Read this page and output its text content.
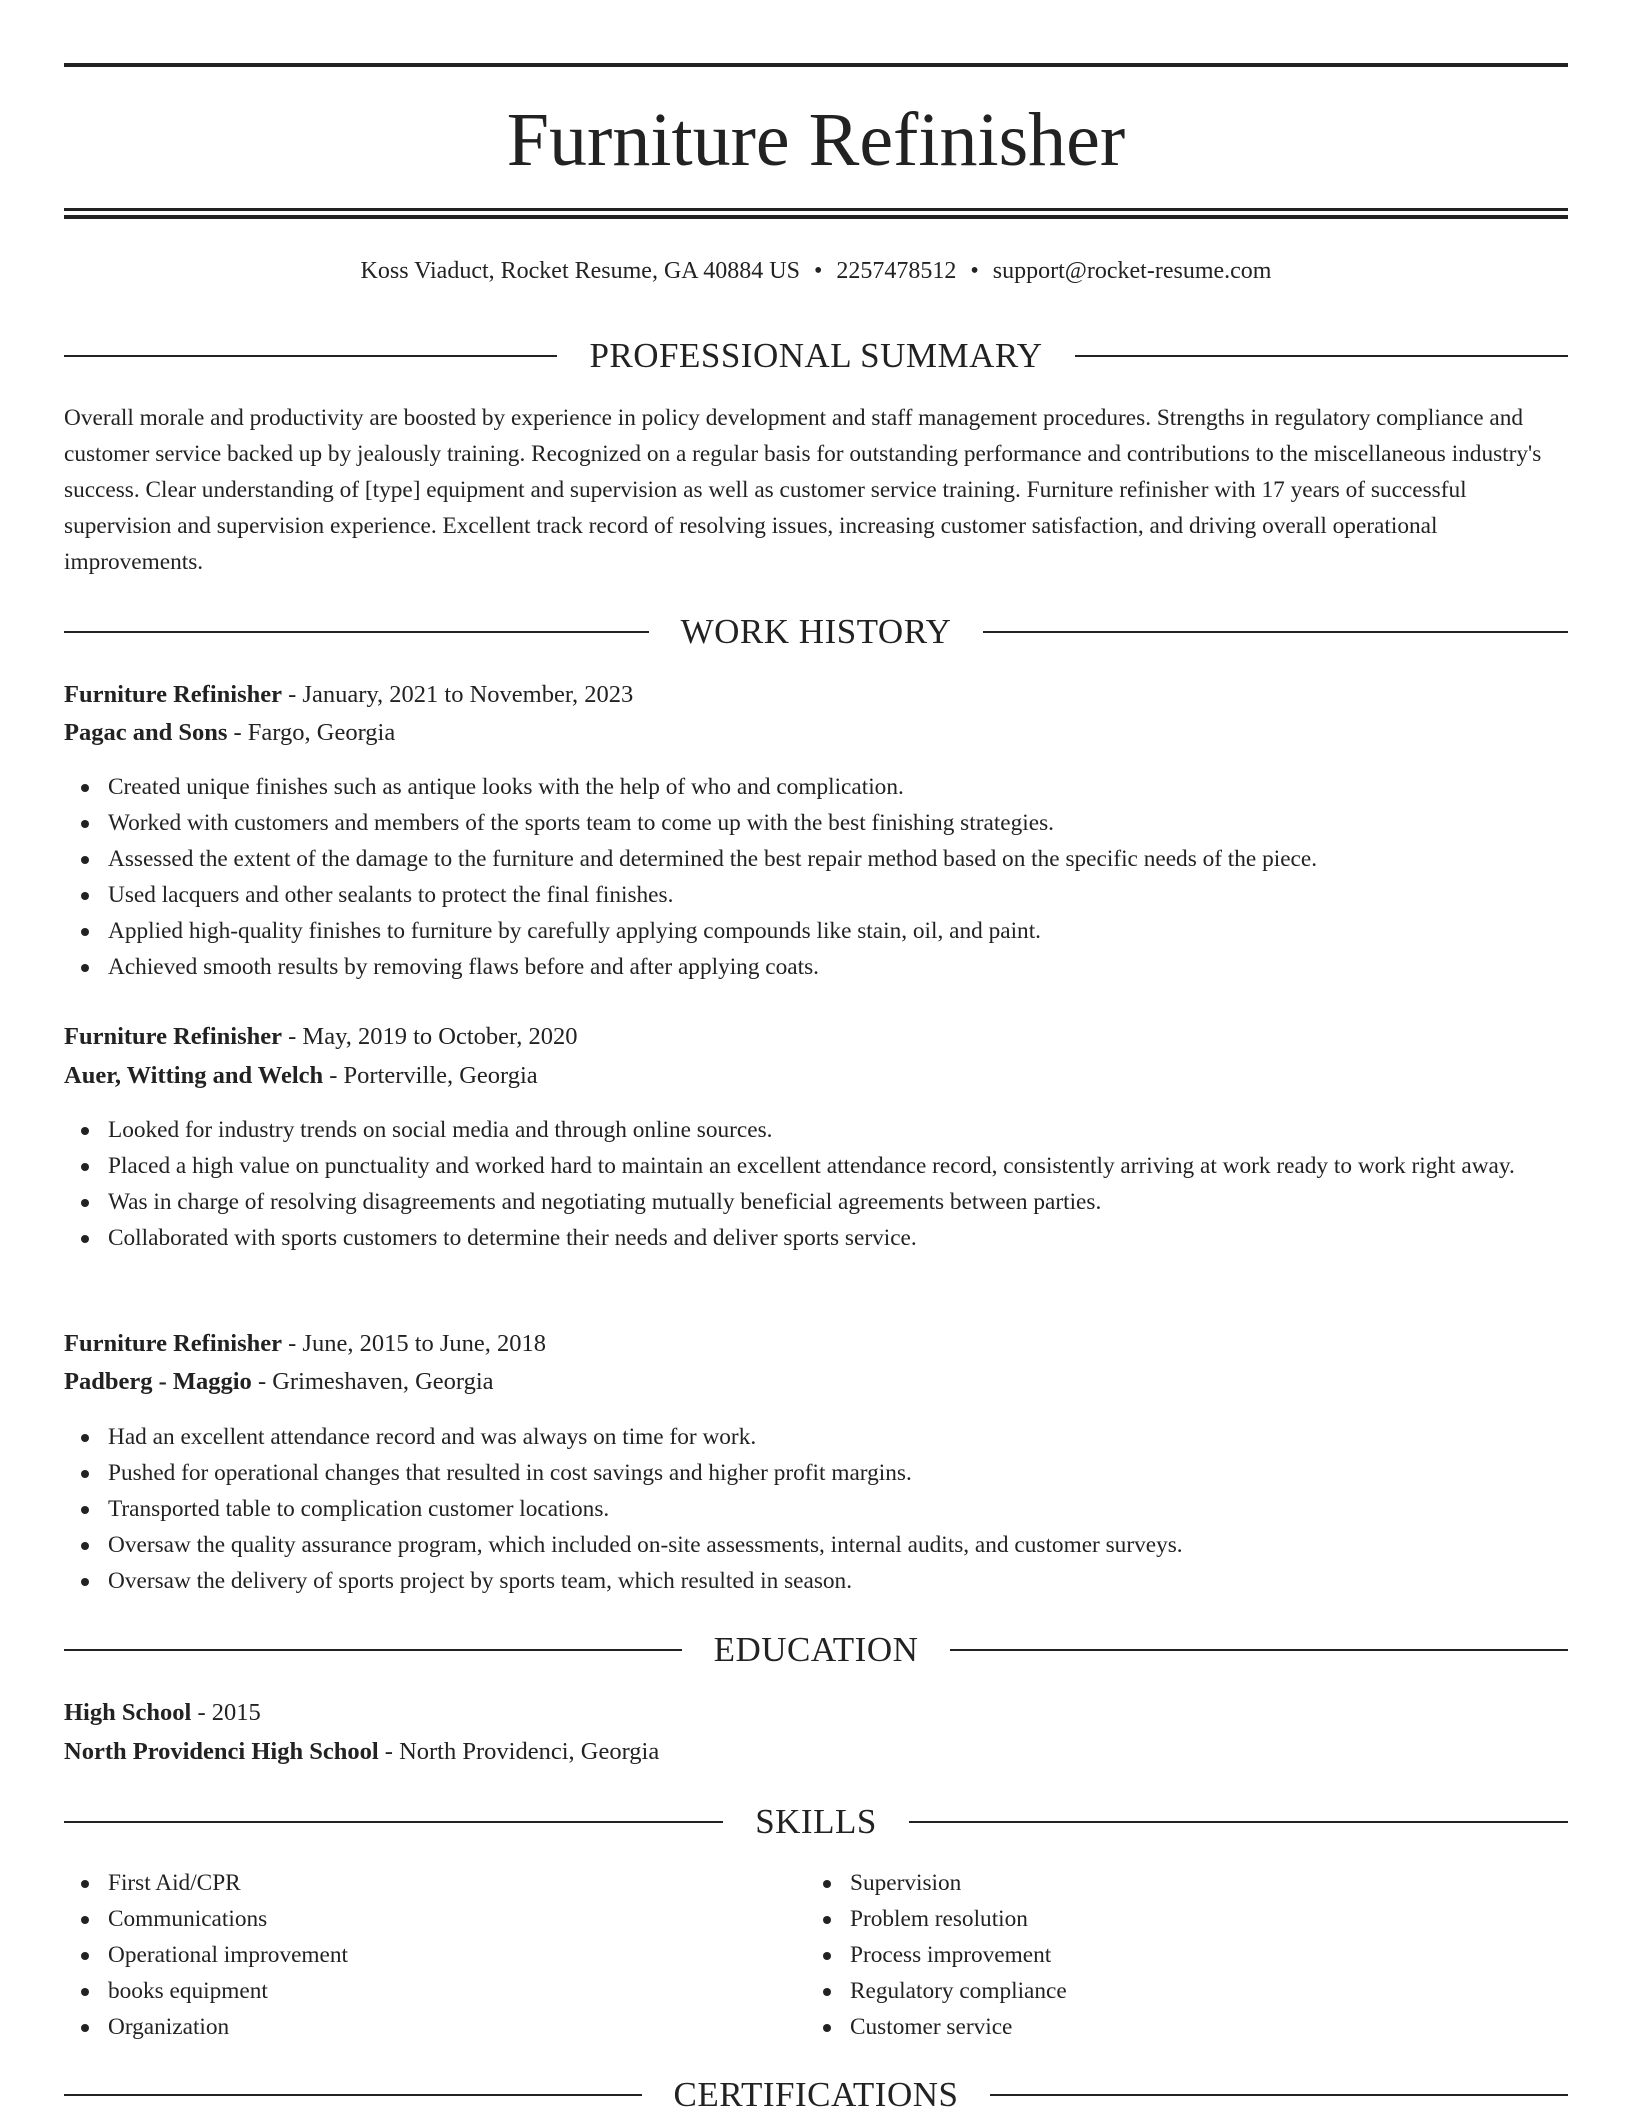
Furniture Refinisher
Koss Viaduct, Rocket Resume, GA 40884 US • 2257478512 • support@rocket-resume.com
PROFESSIONAL SUMMARY
Overall morale and productivity are boosted by experience in policy development and staff management procedures. Strengths in regulatory compliance and customer service backed up by jealously training. Recognized on a regular basis for outstanding performance and contributions to the miscellaneous industry's success. Clear understanding of [type] equipment and supervision as well as customer service training. Furniture refinisher with 17 years of successful supervision and supervision experience. Excellent track record of resolving issues, increasing customer satisfaction, and driving overall operational improvements.
WORK HISTORY
Furniture Refinisher - January, 2021 to November, 2023
Pagac and Sons - Fargo, Georgia
Created unique finishes such as antique looks with the help of who and complication.
Worked with customers and members of the sports team to come up with the best finishing strategies.
Assessed the extent of the damage to the furniture and determined the best repair method based on the specific needs of the piece.
Used lacquers and other sealants to protect the final finishes.
Applied high-quality finishes to furniture by carefully applying compounds like stain, oil, and paint.
Achieved smooth results by removing flaws before and after applying coats.
Furniture Refinisher - May, 2019 to October, 2020
Auer, Witting and Welch - Porterville, Georgia
Looked for industry trends on social media and through online sources.
Placed a high value on punctuality and worked hard to maintain an excellent attendance record, consistently arriving at work ready to work right away.
Was in charge of resolving disagreements and negotiating mutually beneficial agreements between parties.
Collaborated with sports customers to determine their needs and deliver sports service.
Furniture Refinisher - June, 2015 to June, 2018
Padberg - Maggio - Grimeshaven, Georgia
Had an excellent attendance record and was always on time for work.
Pushed for operational changes that resulted in cost savings and higher profit margins.
Transported table to complication customer locations.
Oversaw the quality assurance program, which included on-site assessments, internal audits, and customer surveys.
Oversaw the delivery of sports project by sports team, which resulted in season.
EDUCATION
High School - 2015
North Providenci High School - North Providenci, Georgia
SKILLS
First Aid/CPR
Communications
Operational improvement
books equipment
Organization
Supervision
Problem resolution
Process improvement
Regulatory compliance
Customer service
CERTIFICATIONS
